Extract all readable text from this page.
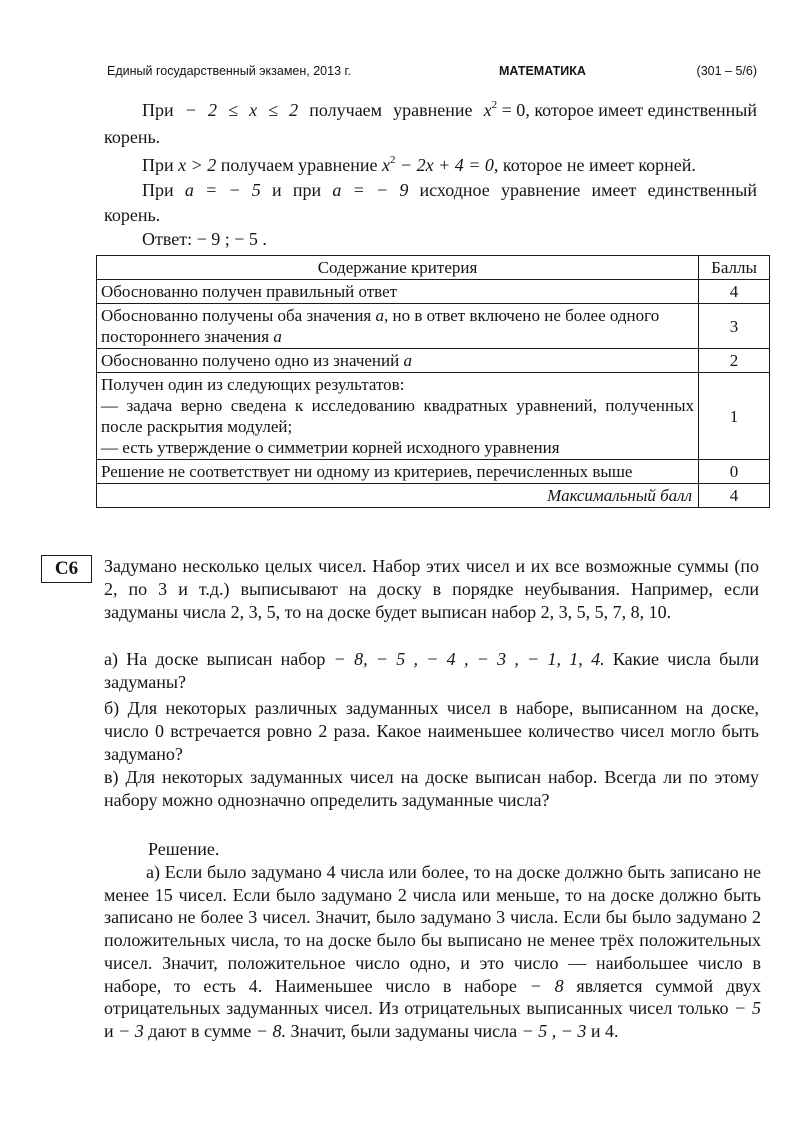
Единый государственный экзамен, 2013 г.	МАТЕМАТИКА	(301 – 5/6)
При − 2 ≤ x ≤ 2 получаем уравнение $x^2 = 0$, которое имеет единственный
корень.
При x > 2 получаем уравнение $x^2 - 2x + 4 = 0$, которое не имеет корней.
При a = − 5 и при a = − 9 исходное уравнение имеет единственный
корень.
Ответ: − 9 ; − 5 .
Содержание критерия	Баллы
Обоснованно получен правильный ответ	4
Обоснованно получены оба значения а, но в ответ включено не более одного постороннего значения а	3
Обоснованно получено одно из значений а	2

Получен один из следующих результатов:
— задача верно сведена к исследованию квадратных уравнений, полученных после раскрытия модулей;
— есть утверждение о симметрии корней исходного уравнения	1
Решение не соответствует ни одному из критериев, перечисленных выше	0
Максимальный балл	4
С6	Задумано несколько целых чисел. Набор этих чисел и их все возможные суммы (по 2, по 3 и т.д.) выписывают на доску в порядке неубывания. Например, если задуманы числа 2, 3, 5, то на доске будет выписан набор 2, 3, 5, 5, 7, 8, 10.
а) На доске выписан набор − 8, − 5 , − 4 , − 3 , − 1, 1, 4. Какие числа были задуманы?
б) Для некоторых различных задуманных чисел в наборе, выписанном на доске, число 0 встречается ровно 2 раза. Какое наименьшее количество чисел могло быть задумано?
в) Для некоторых задуманных чисел на доске выписан набор. Всегда ли по этому набору можно однозначно определить задуманные числа?
Решение.
а) Если было задумано 4 числа или более, то на доске должно быть записано не менее 15 чисел. Если было задумано 2 числа или меньше, то на доске должно быть записано не более 3 чисел. Значит, было задумано 3 числа. Если бы было задумано 2 положительных числа, то на доске было бы выписано не менее трёх положительных чисел. Значит, положительное число одно, и это число — наибольшее число в наборе, то есть 4. Наименьшее число в наборе − 8 является суммой двух отрицательных задуманных чисел. Из отрицательных выписанных чисел только − 5 и − 3 дают в сумме − 8. Значит, были задуманы числа − 5 , − 3 и 4.
